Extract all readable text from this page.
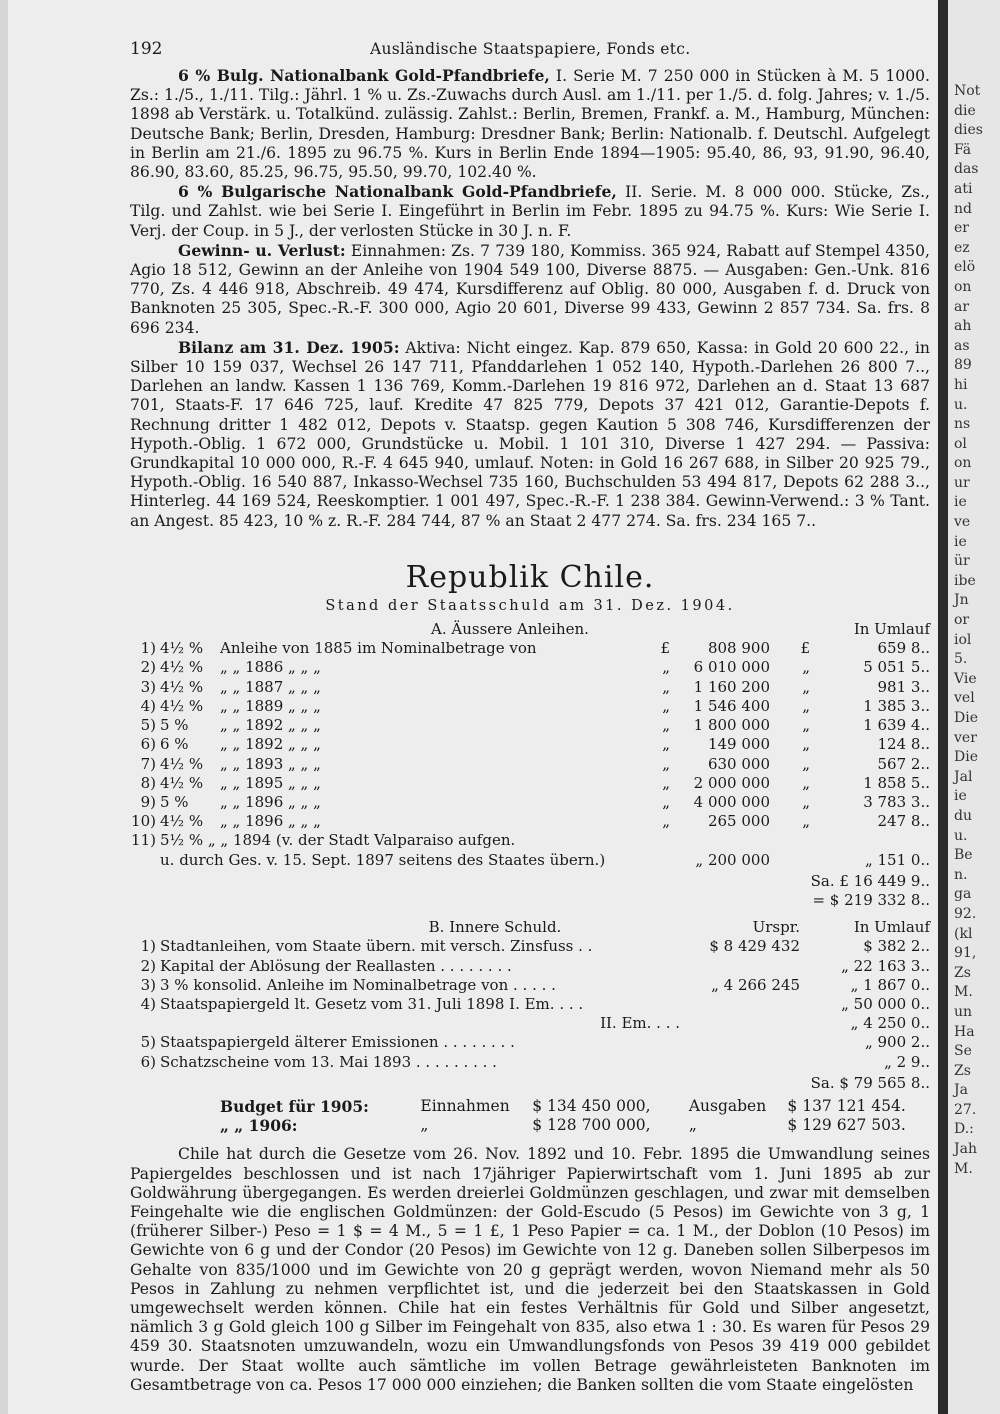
192	Ausländische Staatspapiere, Fonds etc.

6 % Bulg. Nationalbank Gold-Pfandbriefe, I. Serie M. 7 250 000 in Stücken à M. 5 1000. Zs.: 1./5., 1./11. Tilg.: Jährl. 1 % u. Zs.-Zuwachs durch Ausl. am 1./11. per 1./5. d. folg. Jahres; v. 1./5. 1898 ab Verstärk. u. Totalkünd. zulässig. Zahlst.: Berlin, Bremen, Frankf. a. M., Hamburg, München: Deutsche Bank; Berlin, Dresden, Hamburg: Dresdner Bank; Berlin: Nationalb. f. Deutschl. Aufgelegt in Berlin am 21./6. 1895 zu 96.75 %. Kurs in Berlin Ende 1894—1905: 95.40, 86, 93, 91.90, 96.40, 86.90, 83.60, 85.25, 96.75, 95.50, 99.70, 102.40 %.

6 % Bulgarische Nationalbank Gold-Pfandbriefe, II. Serie. M. 8 000 000. Stücke, Zs., Tilg. und Zahlst. wie bei Serie I. Eingeführt in Berlin im Febr. 1895 zu 94.75 %. Kurs: Wie Serie I. Verj. der Coup. in 5 J., der verlosten Stücke in 30 J. n. F.

Gewinn- u. Verlust: Einnahmen: Zs. 7 739 180, Kommiss. 365 924, Rabatt auf Stempel 4350, Agio 18 512, Gewinn an der Anleihe von 1904 549 100, Diverse 8875. — Ausgaben: Gen.-Unk. 816 770, Zs. 4 446 918, Abschreib. 49 474, Kursdifferenz auf Oblig. 80 000, Ausgaben f. d. Druck von Banknoten 25 305, Spec.-R.-F. 300 000, Agio 20 601, Diverse 99 433, Gewinn 2 857 734. Sa. frs. 8 696 234.

Bilanz am 31. Dez. 1905: Aktiva: Nicht eingez. Kap. 879 650, Kassa: in Gold 20 600 22., in Silber 10 159 037, Wechsel 26 147 711, Pfanddarlehen 1 052 140, Hypoth.-Darlehen 26 800 7.., Darlehen an landw. Kassen 1 136 769, Komm.-Darlehen 19 816 972, Darlehen an d. Staat 13 687 701, Staats-F. 17 646 725, lauf. Kredite 47 825 779, Depots 37 421 012, Garantie-Depots f. Rechnung dritter 1 482 012, Depots v. Staatsp. gegen Kaution 5 308 746, Kursdifferenzen der Hypoth.-Oblig. 1 672 000, Grundstücke u. Mobil. 1 101 310, Diverse 1 427 294. — Passiva: Grundkapital 10 000 000, R.-F. 4 645 940, umlauf. Noten: in Gold 16 267 688, in Silber 20 925 79., Hypoth.-Oblig. 16 540 887, Inkasso-Wechsel 735 160, Buchschulden 53 494 817, Depots 62 288 3.., Hinterleg. 44 169 524, Reeskomptier. 1 001 497, Spec.-R.-F. 1 238 384. Gewinn-Verwend.: 3 % Tant. an Angest. 85 423, 10 % z. R.-F. 284 744, 87 % an Staat 2 477 274. Sa. frs. 234 165 7..

Republik Chile.
Stand der Staatsschuld am 31. Dez. 1904.
A. Äussere Anleihen.					In Umlauf	
1)	4½ %	Anleihe von 1885 im Nominalbetrage von	£	808 900	£	659 8..
2)	4½ %	„ „ 1886 „ „ „	„	6 010 000	„	5 051 5..
3)	4½ %	„ „ 1887 „ „ „	„	1 160 200	„	981 3..
4)	4½ %	„ „ 1889 „ „ „	„	1 546 400	„	1 385 3..
5)	5 %	„ „ 1892 „ „ „	„	1 800 000	„	1 639 4..
6)	6 %	„ „ 1892 „ „ „	„	149 000	„	124 8..
7)	4½ %	„ „ 1893 „ „ „	„	630 000	„	567 2..
8)	4½ %	„ „ 1895 „ „ „	„	2 000 000	„	1 858 5..
9)	5 %	„ „ 1896 „ „ „	„	4 000 000	„	3 783 3..
10)	4½ %	„ „ 1896 „ „ „	„	265 000	„	247 8..
11)	5½ % „ „ 1894 (v. der Stadt Valparaiso aufgen.					
	u. durch Ges. v. 15. Sept. 1897 seitens des Staates übern.)			„ 200 000	„ 151 0..	
Sa. £ 16 449 9..						
= $ 219 332 8..						
	B. Innere Schuld.	Urspr.	In Umlauf
1)	Stadtanleihen, vom Staate übern. mit versch. Zinsfuss . .	$ 8 429 432	$ 382 2..
2)	Kapital der Ablösung der Reallasten . . . . . . . .		„ 22 163 3..
3)	3 % konsolid. Anleihe im Nominalbetrage von . . . . .	„ 4 266 245	„ 1 867 0..
4)	Staatspapiergeld lt. Gesetz vom 31. Juli 1898 I. Em. . . .		„ 50 000 0..
	II. Em. . . .		„ 4 250 0..
5)	Staatspapiergeld älterer Emissionen . . . . . . . .		„ 900 2..
6)	Schatzscheine vom 13. Mai 1893 . . . . . . . . .		„ 2 9..
Sa. $ 79 565 8..			
Budget für 1905:	Einnahmen	$ 134 450 000,	Ausgaben	$ 137 121 454.
„ „ 1906:	„	$ 128 700 000,	„	$ 129 627 503.

Chile hat durch die Gesetze vom 26. Nov. 1892 und 10. Febr. 1895 die Umwandlung seines Papiergeldes beschlossen und ist nach 17jähriger Papierwirtschaft vom 1. Juni 1895 ab zur Goldwährung übergegangen. Es werden dreierlei Goldmünzen geschlagen, und zwar mit demselben Feingehalte wie die englischen Goldmünzen: der Gold-Escudo (5 Pesos) im Gewichte von 3 g, 1 (früherer Silber-) Peso = 1 $ = 4 M., 5 = 1 £, 1 Peso Papier = ca. 1 M., der Doblon (10 Pesos) im Gewichte von 6 g und der Condor (20 Pesos) im Gewichte von 12 g. Daneben sollen Silberpesos im Gehalte von 835/1000 und im Gewichte von 20 g geprägt werden, wovon Niemand mehr als 50 Pesos in Zahlung zu nehmen verpflichtet ist, und die jederzeit bei den Staatskassen in Gold umgewechselt werden können. Chile hat ein festes Verhältnis für Gold und Silber angesetzt, nämlich 3 g Gold gleich 100 g Silber im Feingehalt von 835, also etwa 1 : 30. Es waren für Pesos 29 459 30. Staatsnoten umzuwandeln, wozu ein Umwandlungsfonds von Pesos 39 419 000 gebildet wurde. Der Staat wollte auch sämtliche im vollen Betrage gewährleisteten Banknoten im Gesamtbetrage von ca. Pesos 17 000 000 einziehen; die Banken sollten die vom Staate eingelösten

Not
die
dies
Fä
das
ati
nd
er
ez
elö
on
ar
ah
as
89
hi
u.
ns
ol
on
ur
ie
ve
ie
ür
ibe
Jn
or
iol
5.
Vie
vel
Die
ver
Die
Jal
ie
du
u.
Be
n.
ga
92.
(kl
91,
Zs
M.
un
Ha
Se
Zs
Ja
27.
D.:
Jah
M.
